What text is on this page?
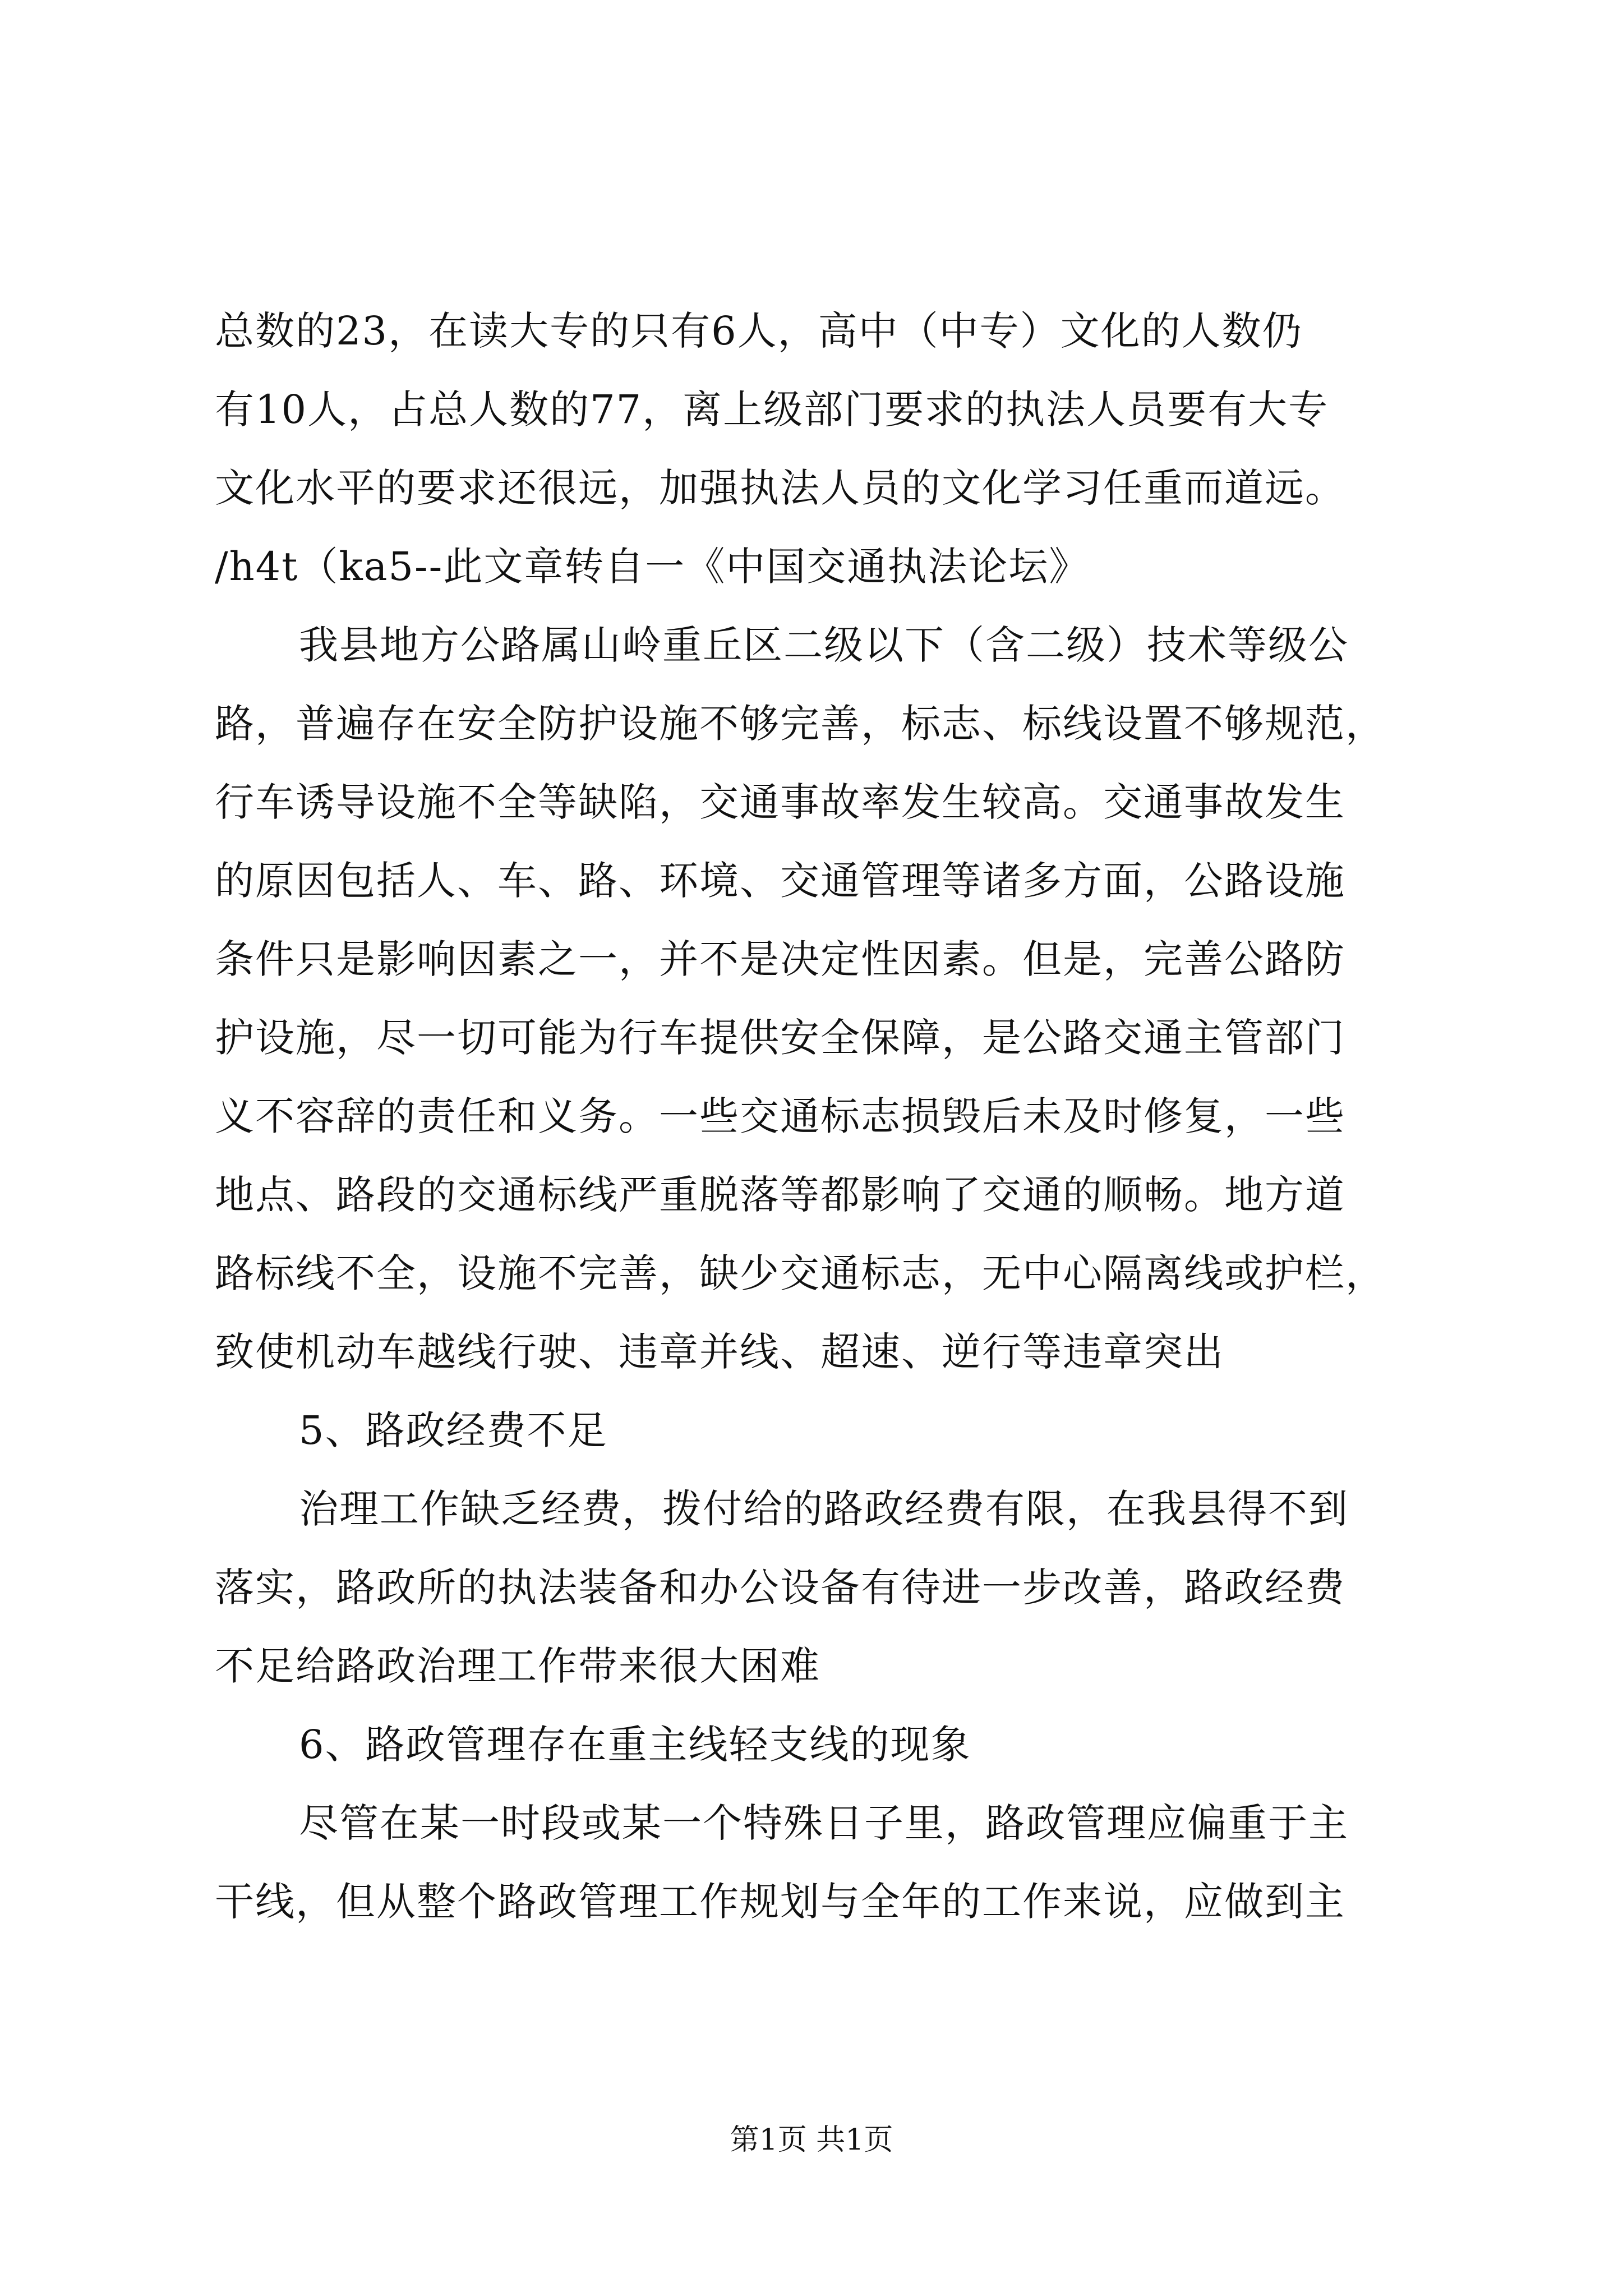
总数的23，在读大专的只有6人，高中（中专）文化的人数仍
有10人，占总人数的77，离上级部门要求的执法人员要有大专
文化水平的要求还很远，加强执法人员的文化学习任重而道远。
/h4t（ka5--此文章转自一《中国交通执法论坛》
我县地方公路属山岭重丘区二级以下（含二级）技术等级公
路，普遍存在安全防护设施不够完善，标志、标线设置不够规范，
行车诱导设施不全等缺陷，交通事故率发生较高。交通事故发生
的原因包括人、车、路、环境、交通管理等诸多方面，公路设施
条件只是影响因素之一，并不是决定性因素。但是，完善公路防
护设施，尽一切可能为行车提供安全保障，是公路交通主管部门
义不容辞的责任和义务。一些交通标志损毁后未及时修复，一些
地点、路段的交通标线严重脱落等都影响了交通的顺畅。地方道
路标线不全，设施不完善，缺少交通标志，无中心隔离线或护栏，
致使机动车越线行驶、违章并线、超速、逆行等违章突出
5、路政经费不足
治理工作缺乏经费，拨付给的路政经费有限，在我县得不到
落实，路政所的执法装备和办公设备有待进一步改善，路政经费
不足给路政治理工作带来很大困难
6、路政管理存在重主线轻支线的现象
尽管在某一时段或某一个特殊日子里，路政管理应偏重于主
干线，但从整个路政管理工作规划与全年的工作来说，应做到主
第1页 共1页
